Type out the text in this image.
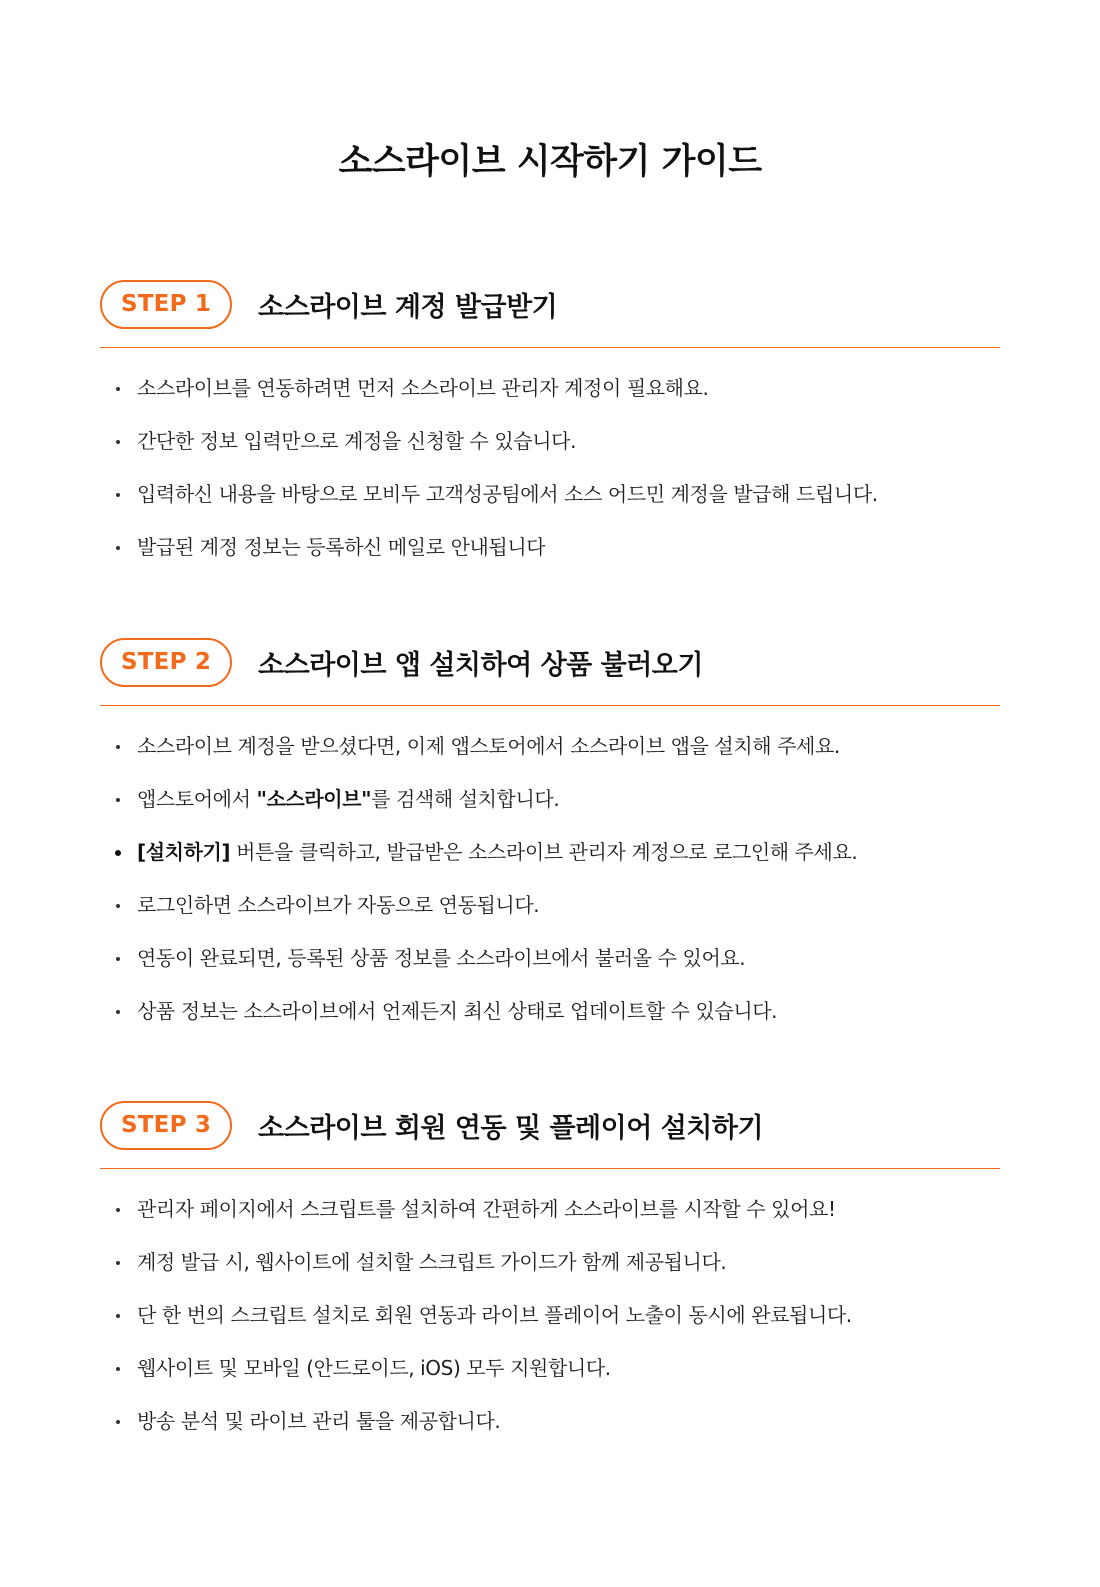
소스라이브 시작하기 가이드
STEP 1	소스라이브 계정 발급받기
소스라이브를 연동하려면 먼저 소스라이브 관리자 계정이 필요해요.
간단한 정보 입력만으로 계정을 신청할 수 있습니다.
입력하신 내용을 바탕으로 모비두 고객성공팀에서 소스 어드민 계정을 발급해 드립니다.
발급된 계정 정보는 등록하신 메일로 안내됩니다
STEP 2	소스라이브 앱 설치하여 상품 불러오기
소스라이브 계정을 받으셨다면, 이제 앱스토어에서 소스라이브 앱을 설치해 주세요.
앱스토어에서 "소스라이브"를 검색해 설치합니다.
[설치하기] 버튼을 클릭하고, 발급받은 소스라이브 관리자 계정으로 로그인해 주세요.
로그인하면 소스라이브가 자동으로 연동됩니다.
연동이 완료되면, 등록된 상품 정보를 소스라이브에서 불러올 수 있어요.
상품 정보는 소스라이브에서 언제든지 최신 상태로 업데이트할 수 있습니다.
STEP 3	소스라이브 회원 연동 및 플레이어 설치하기
관리자 페이지에서 스크립트를 설치하여 간편하게 소스라이브를 시작할 수 있어요!
계정 발급 시, 웹사이트에 설치할 스크립트 가이드가 함께 제공됩니다.
단 한 번의 스크립트 설치로 회원 연동과 라이브 플레이어 노출이 동시에 완료됩니다.
웹사이트 및 모바일 (안드로이드, iOS) 모두 지원합니다.
방송 분석 및 라이브 관리 툴을 제공합니다.
